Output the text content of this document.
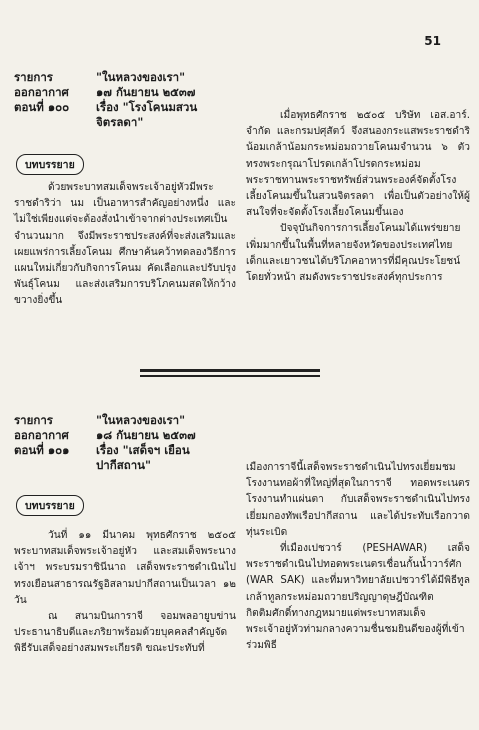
51
รายการ	"ในหลวงของเรา"
ออกอากาศ	๑๗ กันยายน ๒๕๓๗
ตอนที่ ๑๐๐	เรื่อง "โรงโคนมสวนจิตรลดา"
บทบรรยาย

ด้วยพระบาทสมเด็จพระเจ้าอยู่หัวมีพระราชดำริว่า นม เป็นอาหารสำคัญอย่างหนึ่ง และไม่ใช่เพียงแต่จะต้องสั่งนำเข้าจากต่างประเทศเป็นจำนวนมาก จึงมีพระราชประสงค์ที่จะส่งเสริมและเผยแพร่การเลี้ยงโคนม ศึกษาค้นคว้าทดลองวิธีการแผนใหม่เกี่ยวกับกิจการโคนม คัดเลือกและปรับปรุงพันธุ์โคนม และส่งเสริมการบริโภคนมสดให้กว้างขวางยิ่งขึ้น

เมื่อพุทธศักราช ๒๕๐๕ บริษัท เอส.อาร์. จำกัด และกรมปศุสัตว์ จึงสนองกระแสพระราชดำริน้อมเกล้าน้อมกระหม่อมถวายโคนมจำนวน ๖ ตัว ทรงพระกรุณาโปรดเกล้าโปรดกระหม่อมพระราชทานพระราชทรัพย์ส่วนพระองค์จัดตั้งโรงเลี้ยงโคนมขึ้นในสวนจิตรลดา เพื่อเป็นตัวอย่างให้ผู้สนใจที่จะจัดตั้งโรงเลี้ยงโคนมขึ้นเอง

ปัจจุบันกิจการการเลี้ยงโคนมได้แพร่ขยายเพิ่มมากขึ้นในพื้นที่หลายจังหวัดของประเทศไทย เด็กและเยาวชนได้บริโภคอาหารที่มีคุณประโยชน์โดยทั่วหน้า สมดังพระราชประสงค์ทุกประการ

รายการ	"ในหลวงของเรา"
ออกอากาศ	๑๘ กันยายน ๒๕๓๗
ตอนที่ ๑๐๑	เรื่อง "เสด็จฯ เยือนปากีสถาน"
บทบรรยาย

วันที่ ๑๑ มีนาคม พุทธศักราช ๒๕๐๕ พระบาทสมเด็จพระเจ้าอยู่หัว และสมเด็จพระนางเจ้าฯ พระบรมราชินีนาถ เสด็จพระราชดำเนินไปทรงเยือนสาธารณรัฐอิสลามปากีสถานเป็นเวลา ๑๒ วัน

ณ สนามบินการาจี จอมพลอายูบข่าน ประธานาธิบดีและภริยาพร้อมด้วยบุคคลสำคัญจัดพิธีรับเสด็จอย่างสมพระเกียรติ ขณะประทับที่

เมืองการาจีนี้เสด็จพระราชดำเนินไปทรงเยี่ยมชมโรงงานทอผ้าที่ใหญ่ที่สุดในการาจี ทอดพระเนตรโรงงานทำแผ่นตา กับเสด็จพระราชดำเนินไปทรงเยี่ยมกองทัพเรือปากีสถาน และได้ประทับเรือกวาดทุ่นระเบิด

ที่เมืองเปชวาร์ (PESHAWAR) เสด็จพระราชดำเนินไปทอดพระเนตรเชื่อนกั้นน้ำวาร์ศัก (WAR SAK) และที่มหาวิทยาลัยเปชวาร์ได้มีพิธีทูลเกล้าทูลกระหม่อมถวายปริญญาดุษฎีบัณฑิตกิตติมศักดิ์ทางกฎหมายแด่พระบาทสมเด็จพระเจ้าอยู่หัวท่ามกลางความชื่นชมยินดีของผู้ที่เข้าร่วมพิธี
